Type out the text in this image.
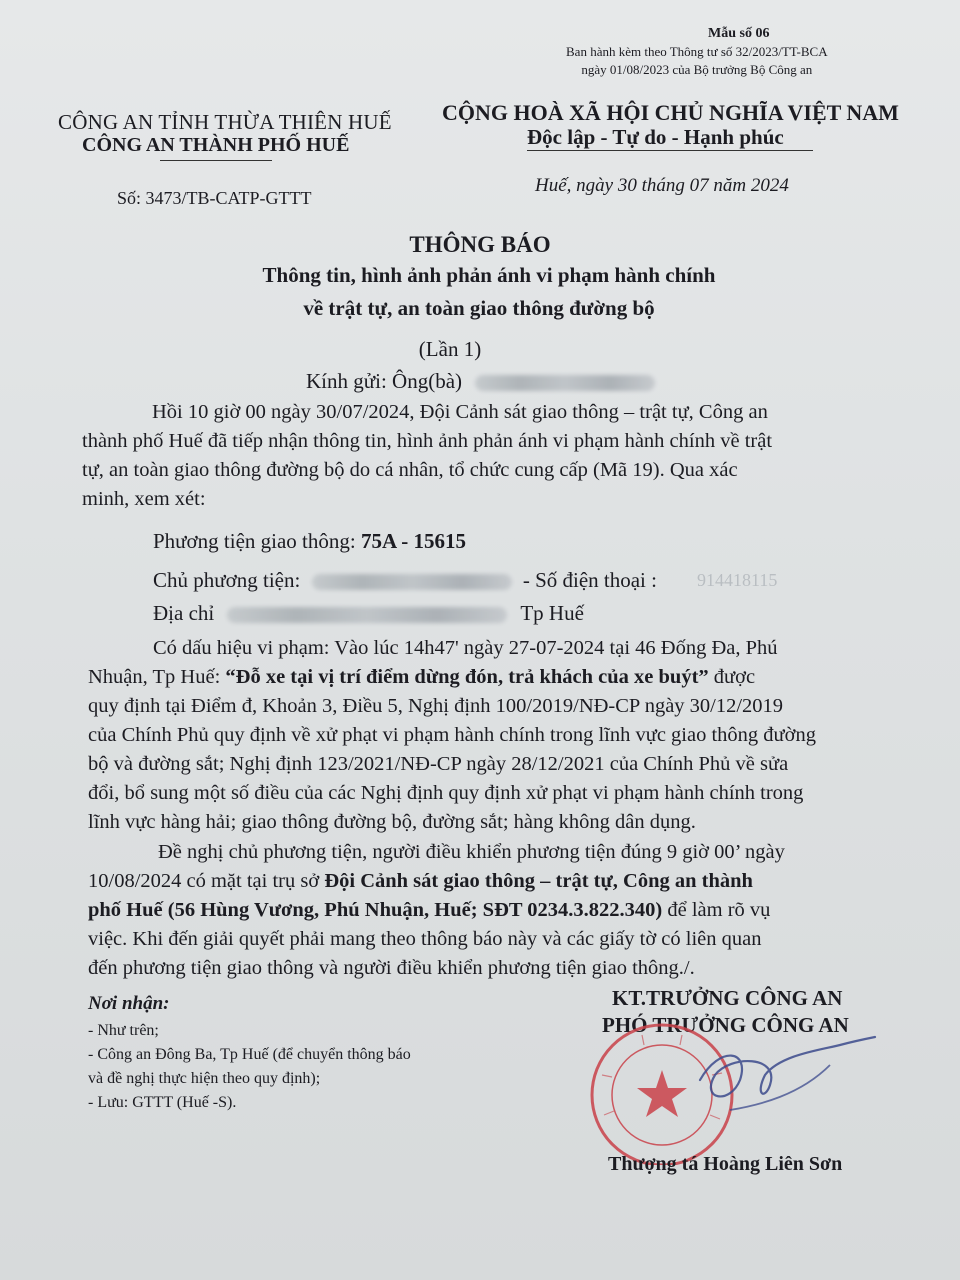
Mẫu số 06
Ban hành kèm theo Thông tư số 32/2023/TT-BCA
ngày 01/08/2023 của Bộ trưởng Bộ Công an
CÔNG AN TỈNH THỪA THIÊN HUẾ
CÔNG AN THÀNH PHỐ HUẾ
Số: 3473/TB-CATP-GTTT
CỘNG HOÀ XÃ HỘI CHỦ NGHĨA VIỆT NAM
Độc lập - Tự do - Hạnh phúc
Huế, ngày 30 tháng 07 năm 2024
THÔNG BÁO
Thông tin, hình ảnh phản ánh vi phạm hành chính
về trật tự, an toàn giao thông đường bộ
(Lần 1)
Kính gửi: Ông(bà)
Hồi 10 giờ 00 ngày 30/07/2024, Đội Cảnh sát giao thông – trật tự, Công an
thành phố Huế đã tiếp nhận thông tin, hình ảnh phản ánh vi phạm hành chính về trật
tự, an toàn giao thông đường bộ do cá nhân, tổ chức cung cấp (Mã 19). Qua xác
minh, xem xét:
Phương tiện giao thông: 75A - 15615
Chủ phương tiện:	- Số điện thoại : 914418115
Địa chỉ	Tp Huế
Có dấu hiệu vi phạm: Vào lúc 14h47' ngày 27-07-2024 tại 46 Đống Đa, Phú
Nhuận, Tp Huế: “Đỗ xe tại vị trí điểm dừng đón, trả khách của xe buýt” được
quy định tại Điểm đ, Khoản 3, Điều 5, Nghị định 100/2019/NĐ-CP ngày 30/12/2019
của Chính Phủ quy định về xử phạt vi phạm hành chính trong lĩnh vực giao thông đường
bộ và đường sắt; Nghị định 123/2021/NĐ-CP ngày 28/12/2021 của Chính Phủ về sửa
đổi, bổ sung một số điều của các Nghị định quy định xử phạt vi phạm hành chính trong
lĩnh vực hàng hải; giao thông đường bộ, đường sắt; hàng không dân dụng.
Đề nghị chủ phương tiện, người điều khiển phương tiện đúng 9 giờ 00’ ngày
10/08/2024 có mặt tại trụ sở Đội Cảnh sát giao thông – trật tự, Công an thành
phố Huế (56 Hùng Vương, Phú Nhuận, Huế; SĐT 0234.3.822.340) để làm rõ vụ
việc. Khi đến giải quyết phải mang theo thông báo này và các giấy tờ có liên quan
đến phương tiện giao thông và người điều khiển phương tiện giao thông./.
Nơi nhận:
- Như trên;
- Công an Đông Ba, Tp Huế (để chuyển thông báo
và đề nghị thực hiện theo quy định);
- Lưu: GTTT (Huế -S).
KT.TRƯỞNG CÔNG AN
PHÓ TRƯỞNG CÔNG AN
Thượng tá Hoàng Liên Sơn
